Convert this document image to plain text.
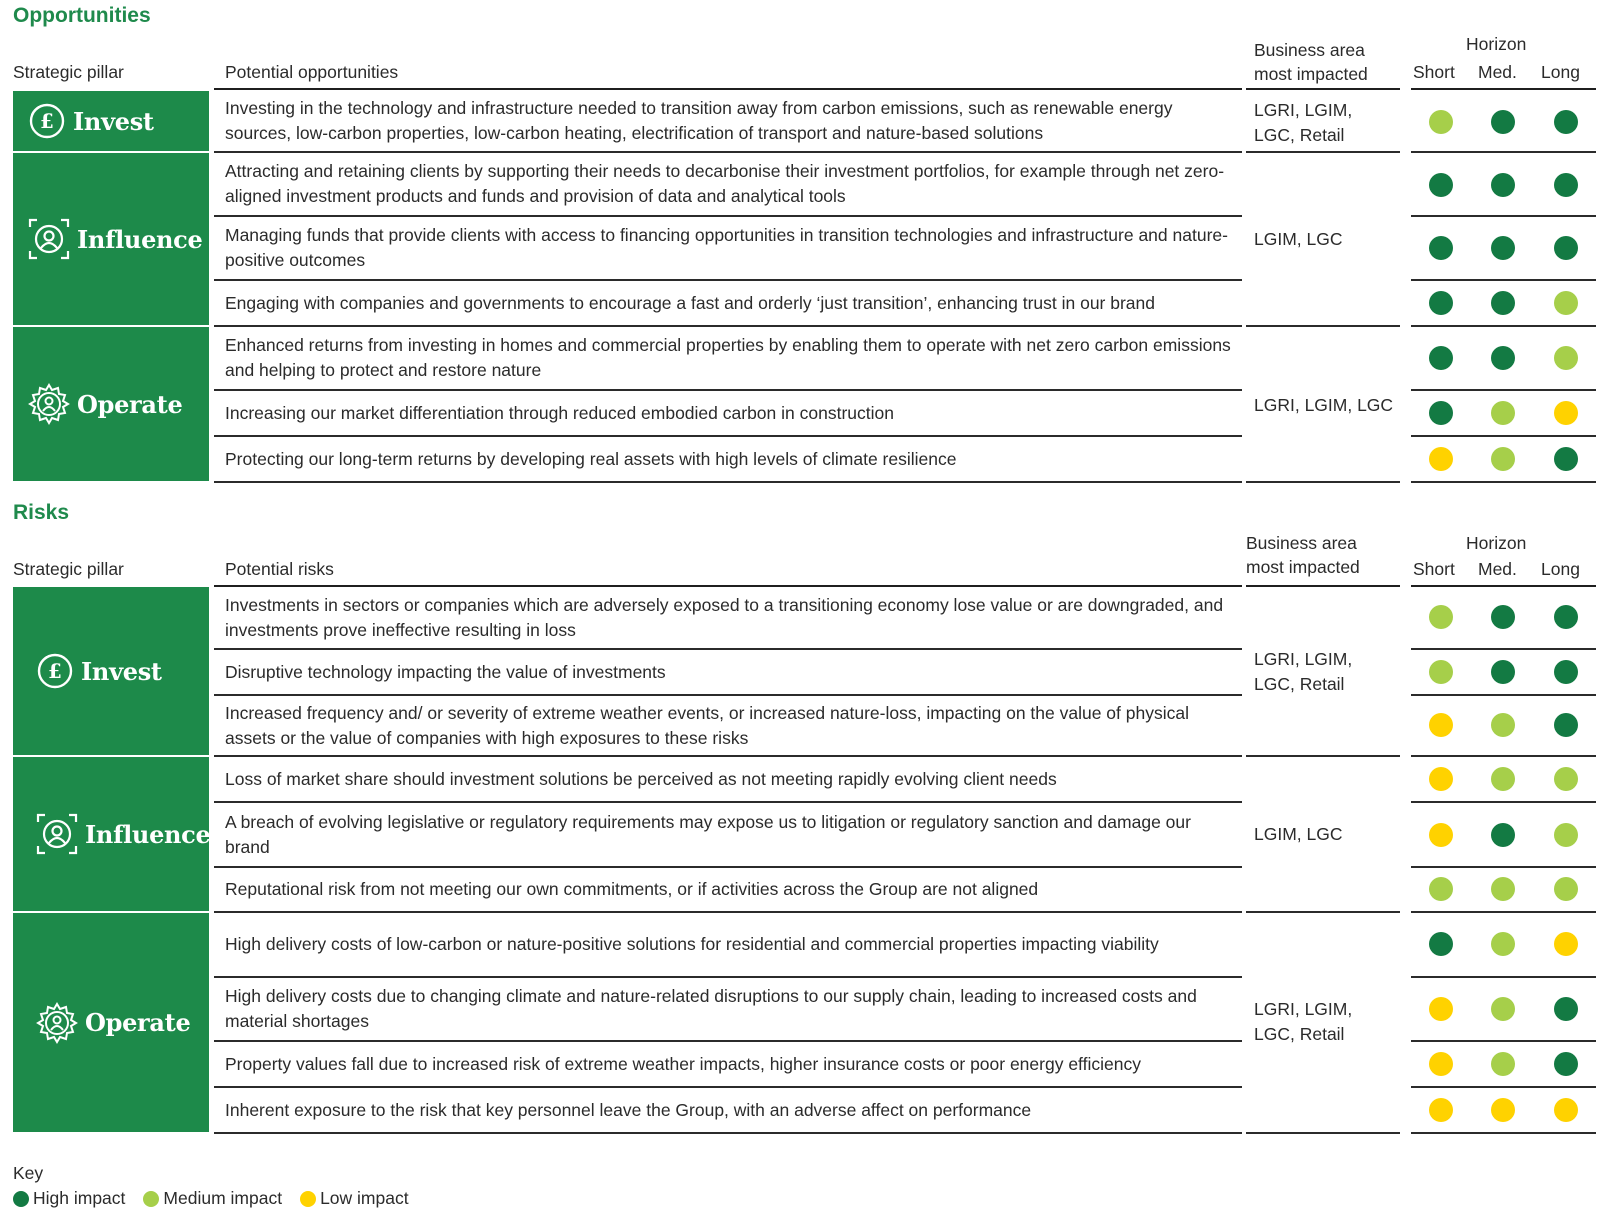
Opportunities
Strategic pillar	Potential opportunities
Business area
most impacted
Horizon
Short Med. Long
£ Invest
Influence
Operate
Investing in the technology and infrastructure needed to transition away from carbon emissions, such as renewable energy sources, low-carbon properties, low-carbon heating, electrification of transport and nature-based solutions
Attracting and retaining clients by supporting their needs to decarbonise their investment portfolios, for example through net zero-aligned investment products and funds and provision of data and analytical tools
Managing funds that provide clients with access to financing opportunities in transition technologies and infrastructure and nature-positive outcomes
Engaging with companies and governments to encourage a fast and orderly ‘just transition’, enhancing trust in our brand
Enhanced returns from investing in homes and commercial properties by enabling them to operate with net zero carbon emissions and helping to protect and restore nature
Increasing our market differentiation through reduced embodied carbon in construction
Protecting our long-term returns by developing real assets with high levels of climate resilience
LGRI, LGIM,
LGC, Retail
LGIM, LGC
LGRI, LGIM, LGC
Risks
Strategic pillar	Potential risks
Business area
most impacted
Horizon
Short Med. Long
£ Invest
Influence
Operate
Investments in sectors or companies which are adversely exposed to a transitioning economy lose value or are downgraded, and investments prove ineffective resulting in loss
Disruptive technology impacting the value of investments
Increased frequency and/ or severity of extreme weather events, or increased nature-loss, impacting on the value of physical assets or the value of companies with high exposures to these risks
Loss of market share should investment solutions be perceived as not meeting rapidly evolving client needs
A breach of evolving legislative or regulatory requirements may expose us to litigation or regulatory sanction and damage our brand
Reputational risk from not meeting our own commitments, or if activities across the Group are not aligned
High delivery costs of low-carbon or nature-positive solutions for residential and commercial properties impacting viability
High delivery costs due to changing climate and nature-related disruptions to our supply chain, leading to increased costs and material shortages
Property values fall due to increased risk of extreme weather impacts, higher insurance costs or poor energy efficiency
Inherent exposure to the risk that key personnel leave the Group, with an adverse affect on performance
LGRI, LGIM,
LGC, Retail
LGIM, LGC
LGRI, LGIM,
LGC, Retail
Key
High impact Medium impact Low impact
